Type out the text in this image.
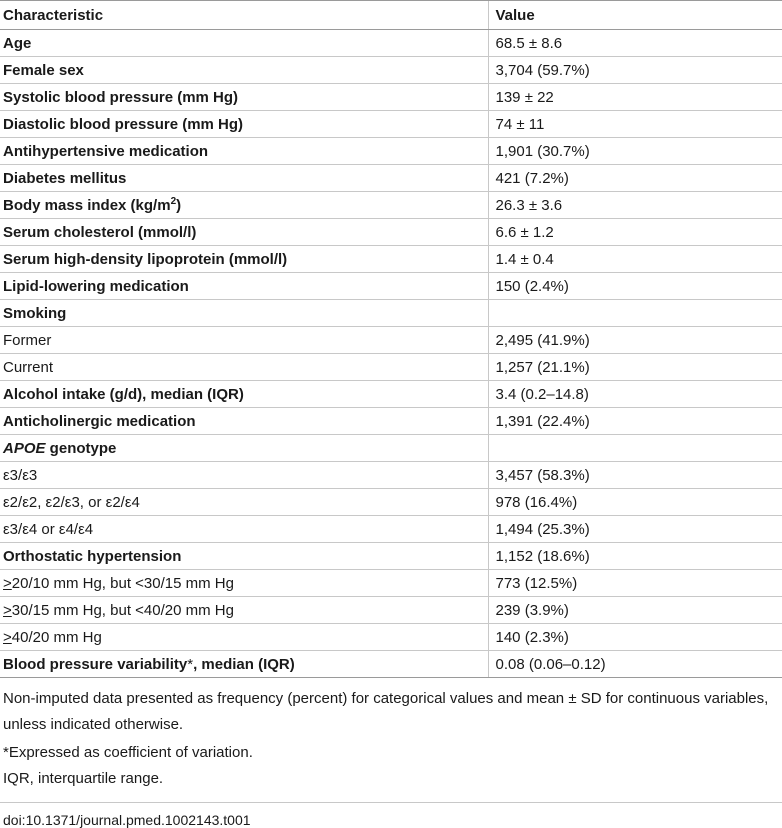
Characteristic	Value
Age	68.5 ± 8.6
Female sex	3,704 (59.7%)
Systolic blood pressure (mm Hg)	139 ± 22
Diastolic blood pressure (mm Hg)	74 ± 11
Antihypertensive medication	1,901 (30.7%)
Diabetes mellitus	421 (7.2%)
Body mass index $(kg/m^2)$	26.3 ± 3.6
Serum cholesterol (mmol/l)	6.6 ± 1.2
Serum high-density lipoprotein (mmol/l)	1.4 ± 0.4
Lipid-lowering medication	150 (2.4%)
Smoking	
Former	2,495 (41.9%)
Current	1,257 (21.1%)
Alcohol intake (g/d), median (IQR)	3.4 (0.2–14.8)
Anticholinergic medication	1,391 (22.4%)
APOE genotype	
ε3/ε3	3,457 (58.3%)
ε2/ε2, ε2/ε3, or ε2/ε4	978 (16.4%)
ε3/ε4 or ε4/ε4	1,494 (25.3%)
Orthostatic hypertension	1,152 (18.6%)
≥20/10 mm Hg, but <30/15 mm Hg	773 (12.5%)
≥30/15 mm Hg, but <40/20 mm Hg	239 (3.9%)
≥40/20 mm Hg	140 (2.3%)
Blood pressure variability*, median (IQR)	0.08 (0.06–0.12)

Non-imputed data presented as frequency (percent) for categorical values and mean ± SD for continuous variables, unless indicated otherwise.

*Expressed as coefficient of variation.

IQR, interquartile range.

doi:10.1371/journal.pmed.1002143.t001
